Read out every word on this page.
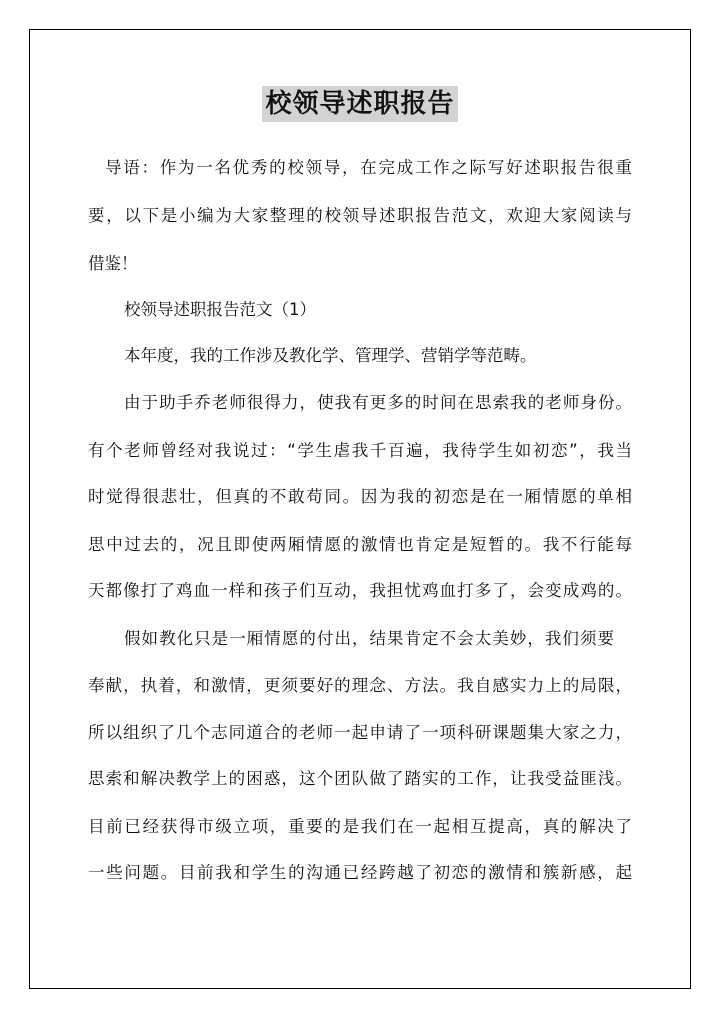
校领导述职报告
导语：作为一名优秀的校领导，在完成工作之际写好述职报告很重
要，以下是小编为大家整理的校领导述职报告范文，欢迎大家阅读与
借鉴！
校领导述职报告范文（1）
本年度，我的工作涉及教化学、管理学、营销学等范畴。
由于助手乔老师很得力，使我有更多的时间在思索我的老师身份。
有个老师曾经对我说过：“学生虐我千百遍，我待学生如初恋”，我当
时觉得很悲壮，但真的不敢苟同。因为我的初恋是在一厢情愿的单相
思中过去的，况且即使两厢情愿的激情也肯定是短暂的。我不行能每
天都像打了鸡血一样和孩子们互动，我担忧鸡血打多了，会变成鸡的。
假如教化只是一厢情愿的付出，结果肯定不会太美妙，我们须要
奉献，执着，和激情，更须要好的理念、方法。我自感实力上的局限，
所以组织了几个志同道合的老师一起申请了一项科研课题集大家之力，
思索和解决教学上的困惑，这个团队做了踏实的工作，让我受益匪浅。
目前已经获得市级立项，重要的是我们在一起相互提高，真的解决了
一些问题。目前我和学生的沟通已经跨越了初恋的激情和簇新感，起
